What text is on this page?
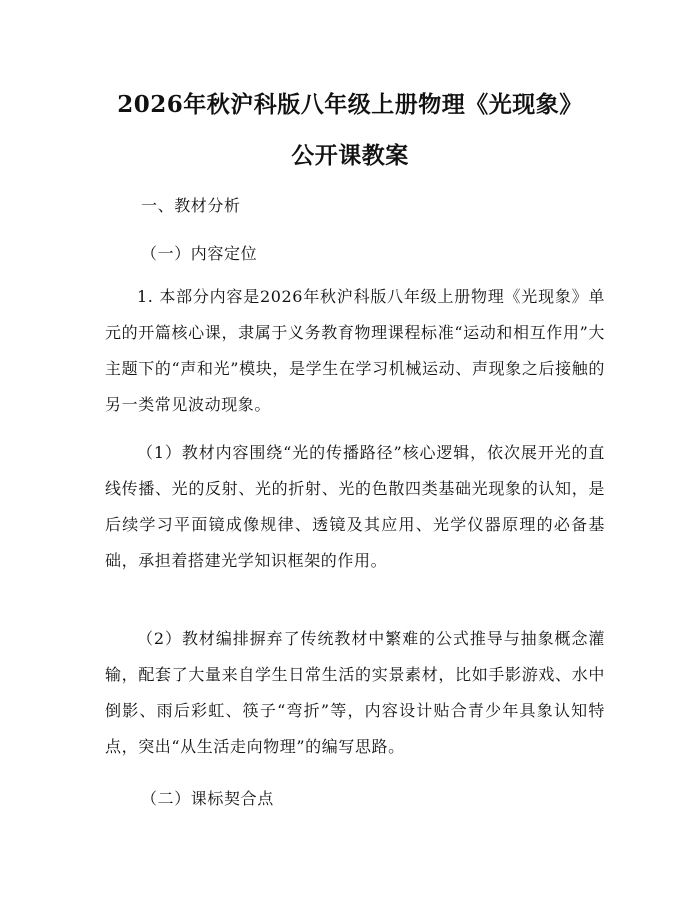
2026年秋沪科版八年级上册物理《光现象》
公开课教案

一、教材分析

（一）内容定位

1. 本部分内容是2026年秋沪科版八年级上册物理《光现象》单元的开篇核心课，隶属于义务教育物理课程标准“运动和相互作用”大主题下的“声和光”模块，是学生在学习机械运动、声现象之后接触的另一类常见波动现象。

（1）教材内容围绕“光的传播路径”核心逻辑，依次展开光的直线传播、光的反射、光的折射、光的色散四类基础光现象的认知，是后续学习平面镜成像规律、透镜及其应用、光学仪器原理的必备基础，承担着搭建光学知识框架的作用。

（2）教材编排摒弃了传统教材中繁难的公式推导与抽象概念灌输，配套了大量来自学生日常生活的实景素材，比如手影游戏、水中倒影、雨后彩虹、筷子“弯折”等，内容设计贴合青少年具象认知特点，突出“从生活走向物理”的编写思路。

（二）课标契合点
